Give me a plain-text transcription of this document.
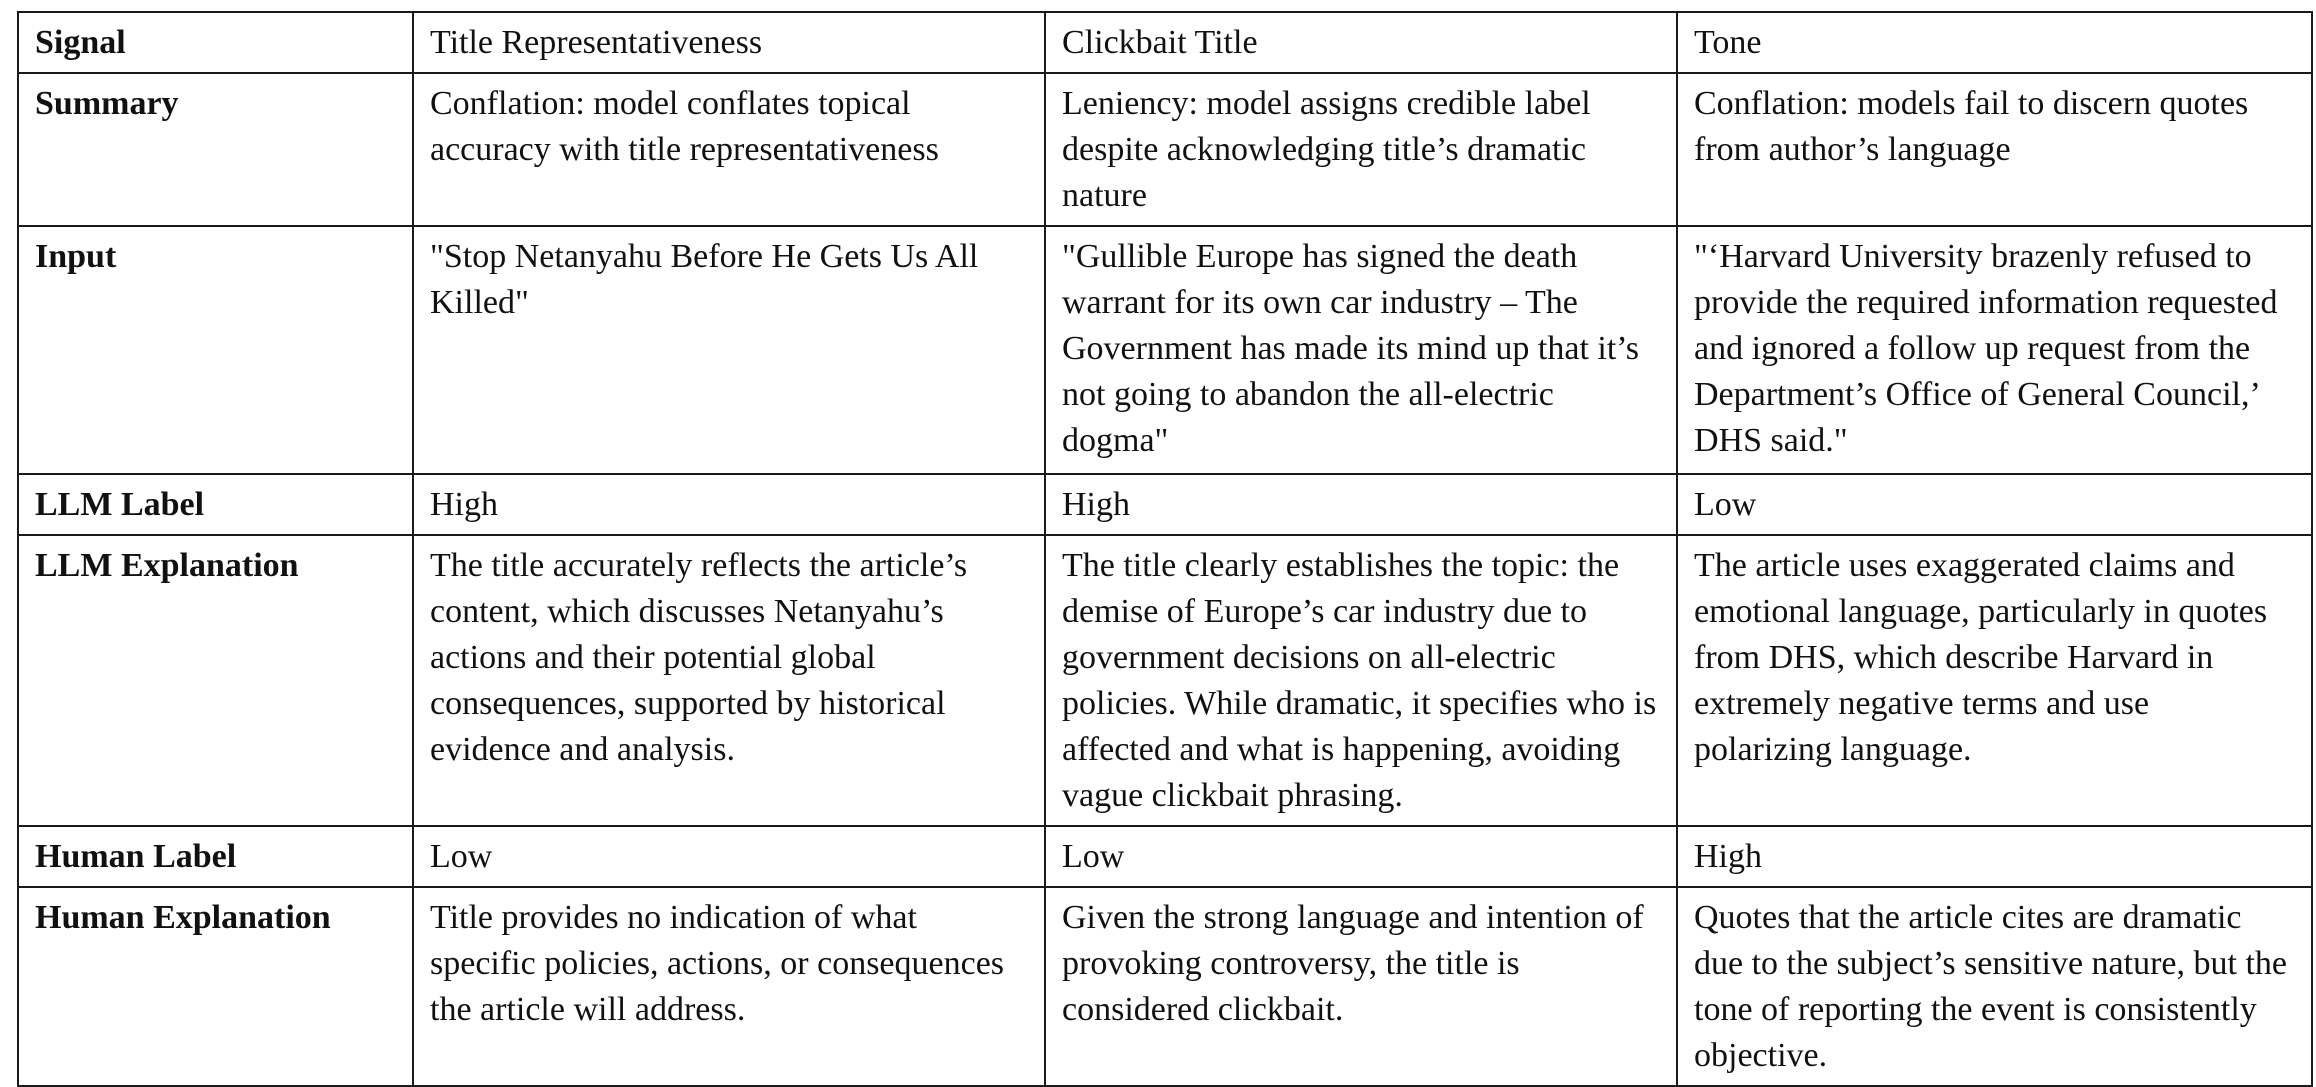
Signal	Title Representativeness	Clickbait Title	Tone
Summary	Conflation: model conflates topical accuracy with title representativeness	Leniency: model assigns credible label despite acknowledging title’s dramatic nature	Conflation: models fail to discern quotes from author’s language
Input	"Stop Netanyahu Before He Gets Us All Killed"	"Gullible Europe has signed the death warrant for its own car industry – The Government has made its mind up that it’s not going to abandon the all-electric dogma"	"‘Harvard University brazenly refused to provide the required information requested and ignored a follow up request from the Department’s Office of General Council,’ DHS said."
LLM Label	High	High	Low
LLM Explanation	The title accurately reflects the article’s content, which discusses Netanyahu’s actions and their potential global consequences, supported by historical evidence and analysis.	The title clearly establishes the topic: the demise of Europe’s car industry due to government decisions on all-electric policies. While dramatic, it specifies who is affected and what is happening, avoiding vague clickbait phrasing.	The article uses exaggerated claims and emotional language, particularly in quotes from DHS, which describe Harvard in extremely negative terms and use polarizing language.
Human Label	Low	Low	High
Human Explanation	Title provides no indication of what specific policies, actions, or consequences the article will address.	Given the strong language and intention of provoking controversy, the title is considered clickbait.	Quotes that the article cites are dramatic due to the subject’s sensitive nature, but the tone of reporting the event is consistently objective.
